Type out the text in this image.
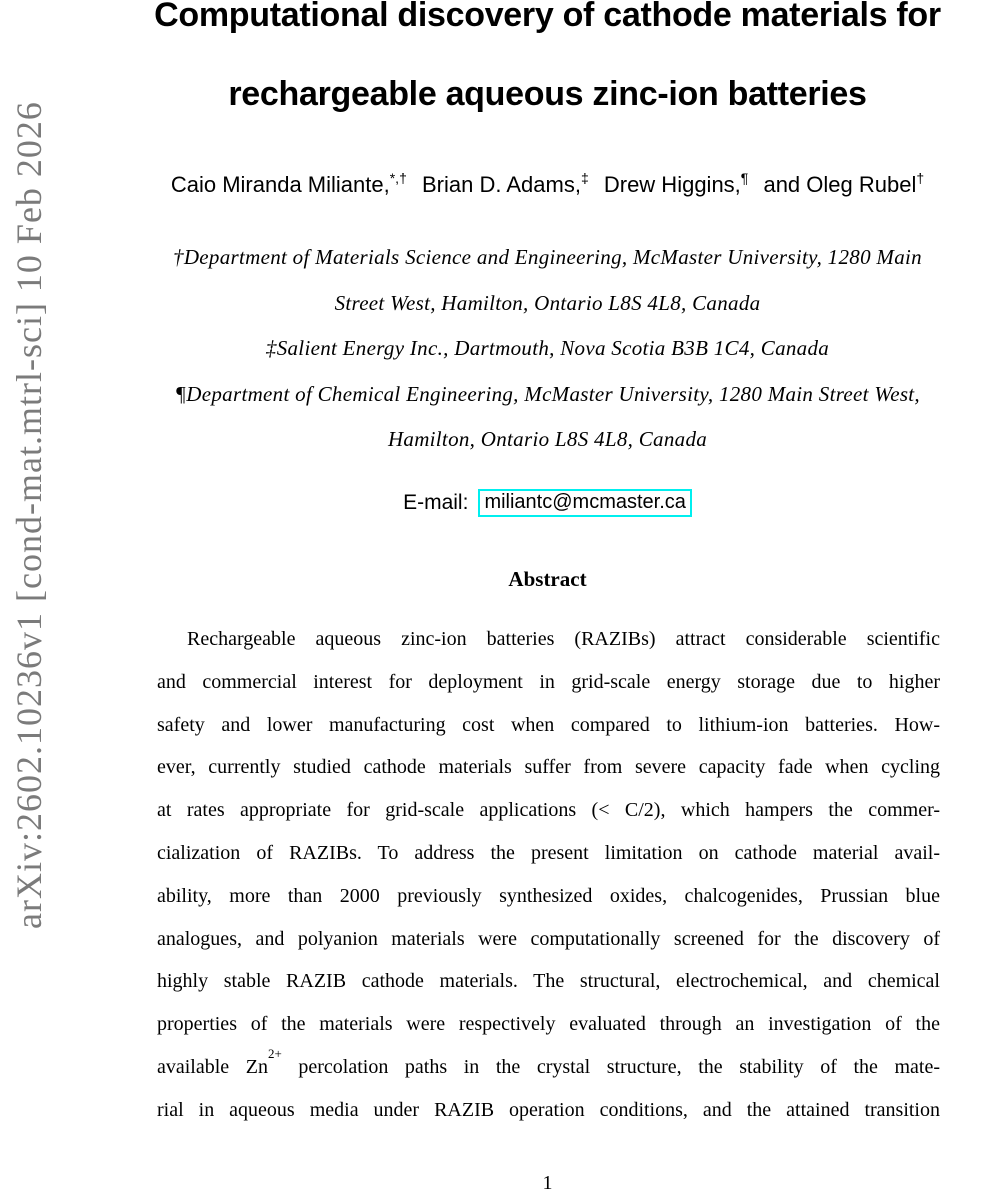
arXiv:2602.10236v1 [cond-mat.mtrl-sci] 10 Feb 2026
Computational discovery of cathode materials for
rechargeable aqueous zinc-ion batteries
Caio Miranda Miliante,*,† Brian D. Adams,‡ Drew Higgins,¶ and Oleg Rubel†
†Department of Materials Science and Engineering, McMaster University, 1280 Main
Street West, Hamilton, Ontario L8S 4L8, Canada
‡Salient Energy Inc., Dartmouth, Nova Scotia B3B 1C4, Canada
¶Department of Chemical Engineering, McMaster University, 1280 Main Street West,
Hamilton, Ontario L8S 4L8, Canada
E-mail: miliantc@mcmaster.ca
Abstract
Rechargeable aqueous zinc-ion batteries (RAZIBs) attract considerable scientific
and commercial interest for deployment in grid-scale energy storage due to higher
safety and lower manufacturing cost when compared to lithium-ion batteries. How-
ever, currently studied cathode materials suffer from severe capacity fade when cycling
at rates appropriate for grid-scale applications (< C/2), which hampers the commer-
cialization of RAZIBs. To address the present limitation on cathode material avail-
ability, more than 2000 previously synthesized oxides, chalcogenides, Prussian blue
analogues, and polyanion materials were computationally screened for the discovery of
highly stable RAZIB cathode materials. The structural, electrochemical, and chemical
properties of the materials were respectively evaluated through an investigation of the
available $Zn^{2+}$ percolation paths in the crystal structure, the stability of the mate-
rial in aqueous media under RAZIB operation conditions, and the attained transition
1
